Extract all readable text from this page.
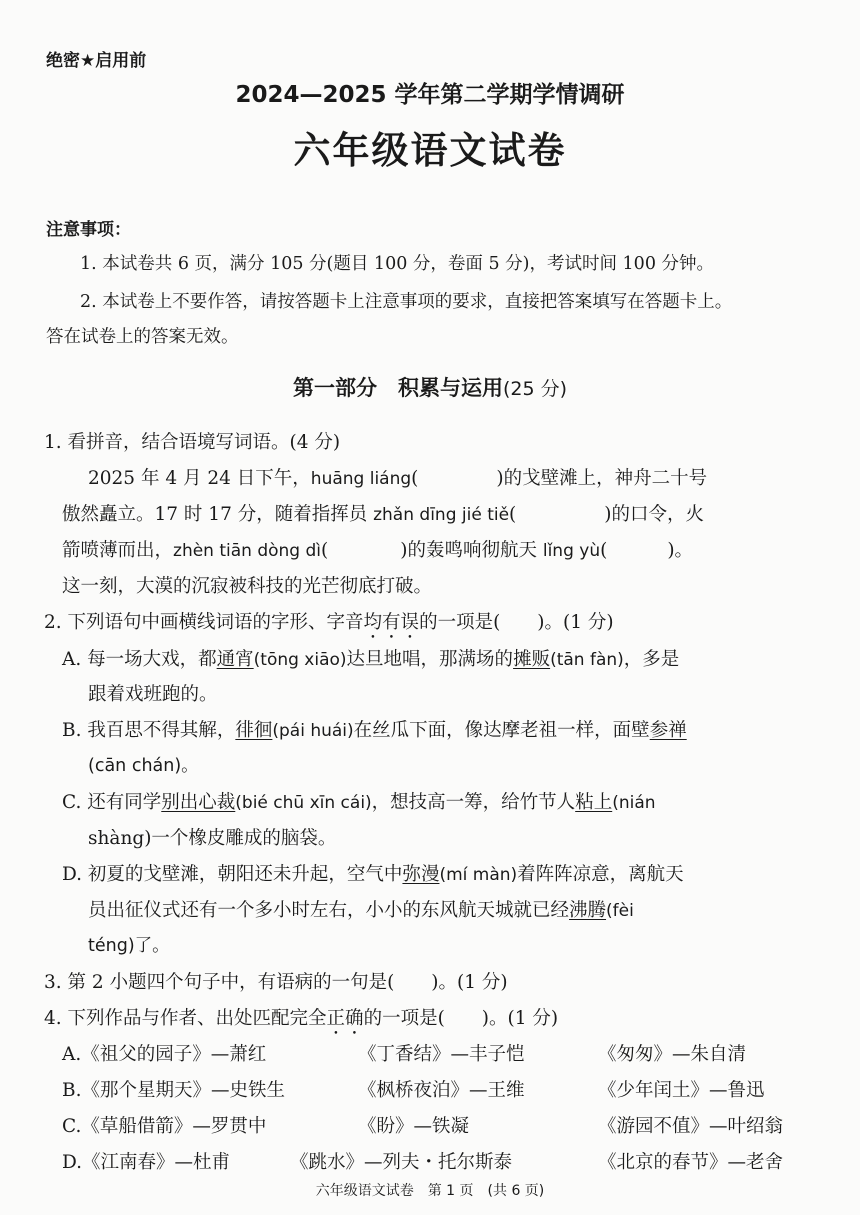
绝密★启用前
2024—2025 学年第二学期学情调研
六年级语文试卷
注意事项：
1. 本试卷共 6 页，满分 105 分(题目 100 分，卷面 5 分)，考试时间 100 分钟。
2. 本试卷上不要作答，请按答题卡上注意事项的要求，直接把答案填写在答题卡上。
答在试卷上的答案无效。
第一部分　积累与运用(25 分)
1. 看拼音，结合语境写词语。(4 分)
2025 年 4 月 24 日下午，huāng liáng(	)的戈壁滩上，神舟二十号
傲然矗立。17 时 17 分，随着指挥员 zhǎn dīng jié tiě(	)的口令，火
箭喷薄而出，zhèn tiān dòng dì(	)的轰鸣响彻航天 lǐng yù(	)。
这一刻，大漠的沉寂被科技的光芒彻底打破。
2. 下列语句中画横线词语的字形、字音均有误的一项是(　　)。(1 分)
A. 每一场大戏，都通宵(tōng xiāo)达旦地唱，那满场的摊贩(tān fàn)，多是
跟着戏班跑的。
B. 我百思不得其解，徘徊(pái huái)在丝瓜下面，像达摩老祖一样，面壁参禅
(cān chán)。
C. 还有同学别出心裁(bié chū xīn cái)，想技高一筹，给竹节人粘上(nián
shàng)一个橡皮雕成的脑袋。
D. 初夏的戈壁滩，朝阳还未升起，空气中弥漫(mí màn)着阵阵凉意，离航天
员出征仪式还有一个多小时左右，小小的东风航天城就已经沸腾(fèi
téng)了。
3. 第 2 小题四个句子中，有语病的一句是(　　)。(1 分)
4. 下列作品与作者、出处匹配完全正确的一项是(　　)。(1 分)
A.《祖父的园子》—萧红	《丁香结》—丰子恺	《匆匆》—朱自清
B.《那个星期天》—史铁生	《枫桥夜泊》—王维	《少年闰土》—鲁迅
C.《草船借箭》—罗贯中	《盼》—铁凝	《游园不值》—叶绍翁
D.《江南春》—杜甫	《跳水》—列夫・托尔斯泰	《北京的春节》—老舍
六年级语文试卷　第 1 页　(共 6 页)
